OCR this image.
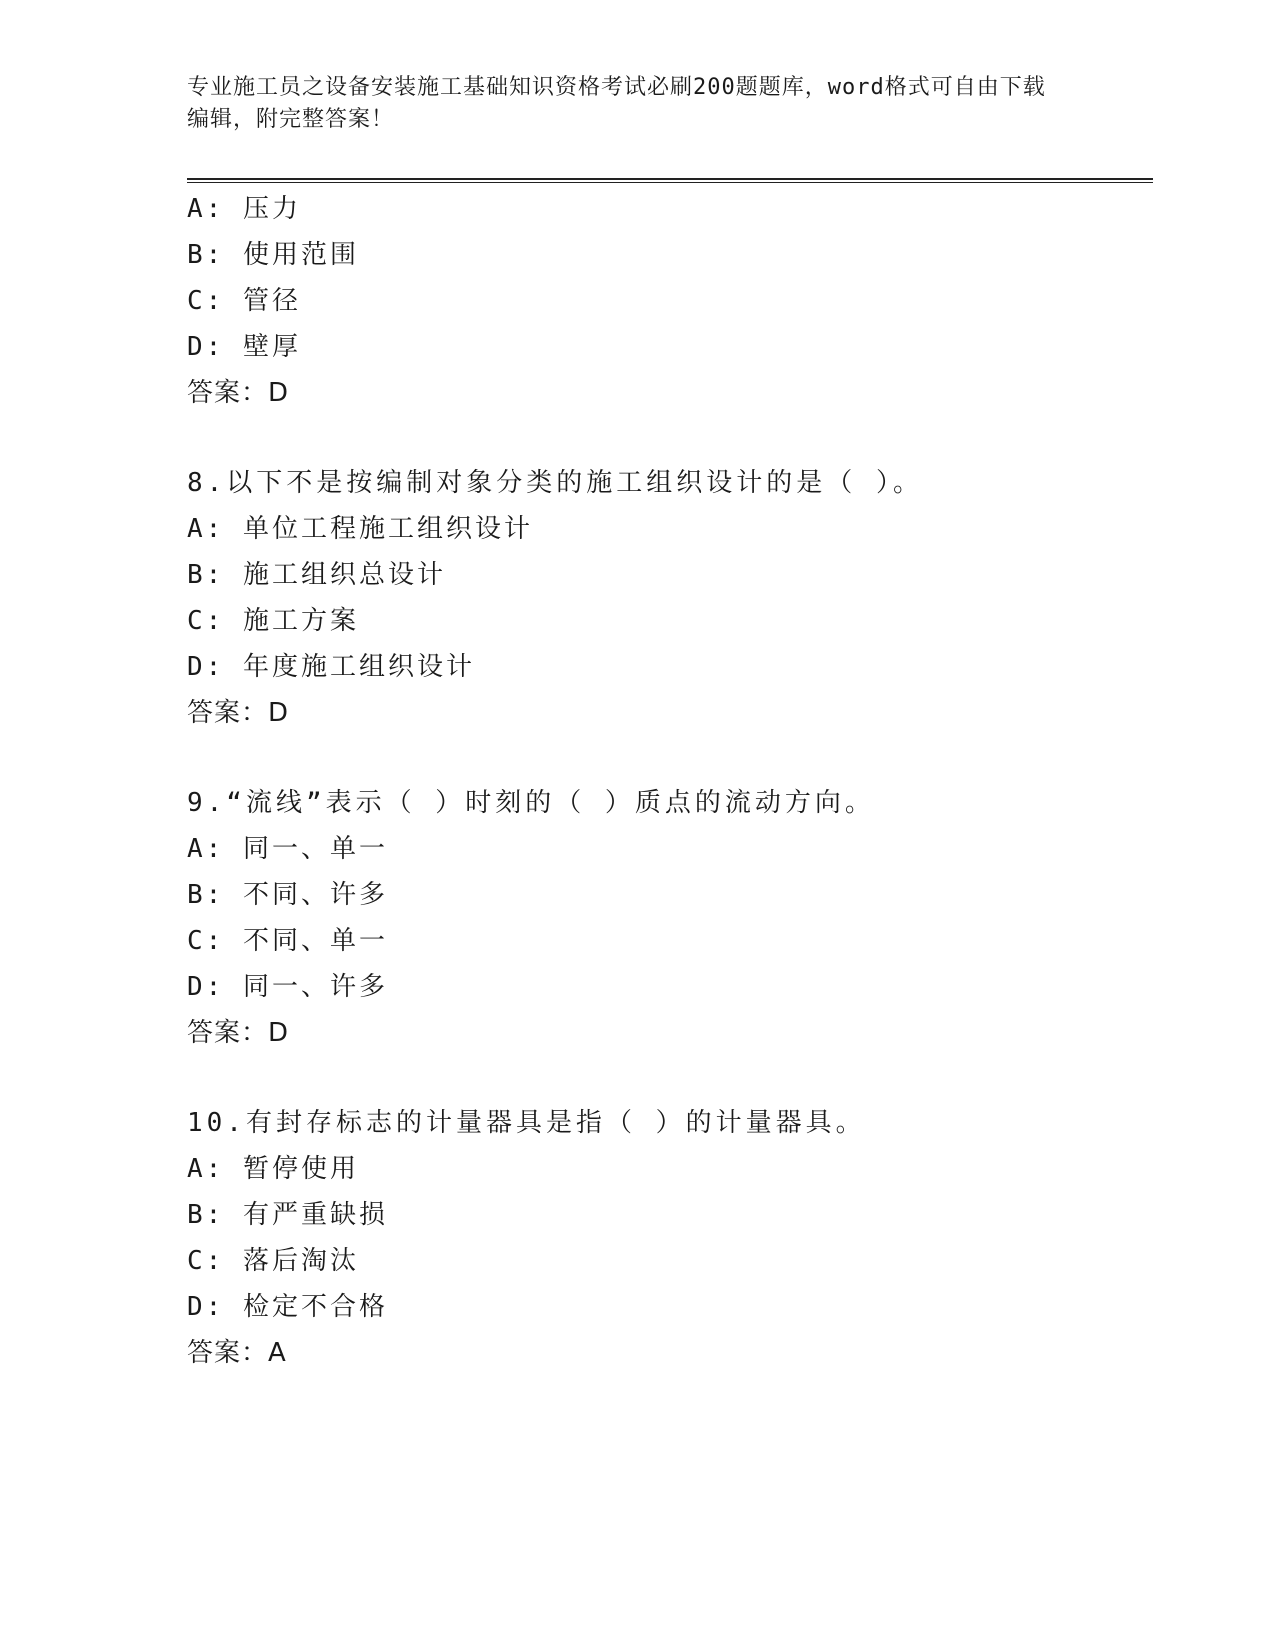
专业施工员之设备安装施工基础知识资格考试必刷200题题库，word格式可自由下载编辑，附完整答案！
A: 压力
B: 使用范围
C: 管径
D: 壁厚
答案：D
8.以下不是按编制对象分类的施工组织设计的是（ ）。
A: 单位工程施工组织设计
B: 施工组织总设计
C: 施工方案
D: 年度施工组织设计
答案：D
9.“流线”表示（ ）时刻的（ ）质点的流动方向。
A: 同一、单一
B: 不同、许多
C: 不同、单一
D: 同一、许多
答案：D
10.有封存标志的计量器具是指（ ）的计量器具。
A: 暂停使用
B: 有严重缺损
C: 落后淘汰
D: 检定不合格
答案：A
